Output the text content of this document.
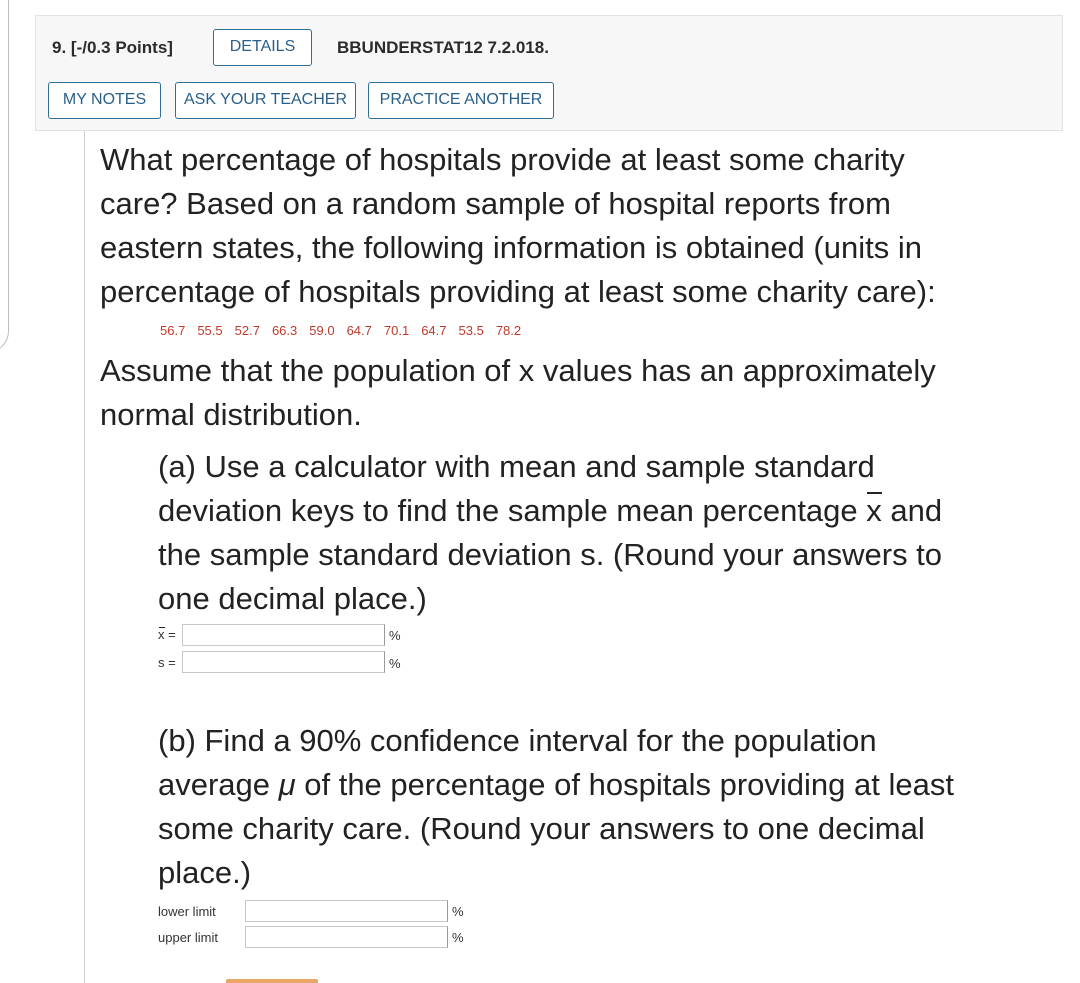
9. [-/0.3 Points]	DETAILS	BBUNDERSTAT12 7.2.018.
MY NOTES	ASK YOUR TEACHER	PRACTICE ANOTHER
What percentage of hospitals provide at least some charity
care? Based on a random sample of hospital reports from
eastern states, the following information is obtained (units in
percentage of hospitals providing at least some charity care):
56.7 55.5 52.7 66.3 59.0 64.7 70.1 64.7 53.5 78.2
Assume that the population of x values has an approximately
normal distribution.
(a) Use a calculator with mean and sample standard
deviation keys to find the sample mean percentage x and
the sample standard deviation s. (Round your answers to
one decimal place.)
x =	%
s =	%
(b) Find a 90% confidence interval for the population
average μ of the percentage of hospitals providing at least
some charity care. (Round your answers to one decimal
place.)
lower limit	%
upper limit	%
